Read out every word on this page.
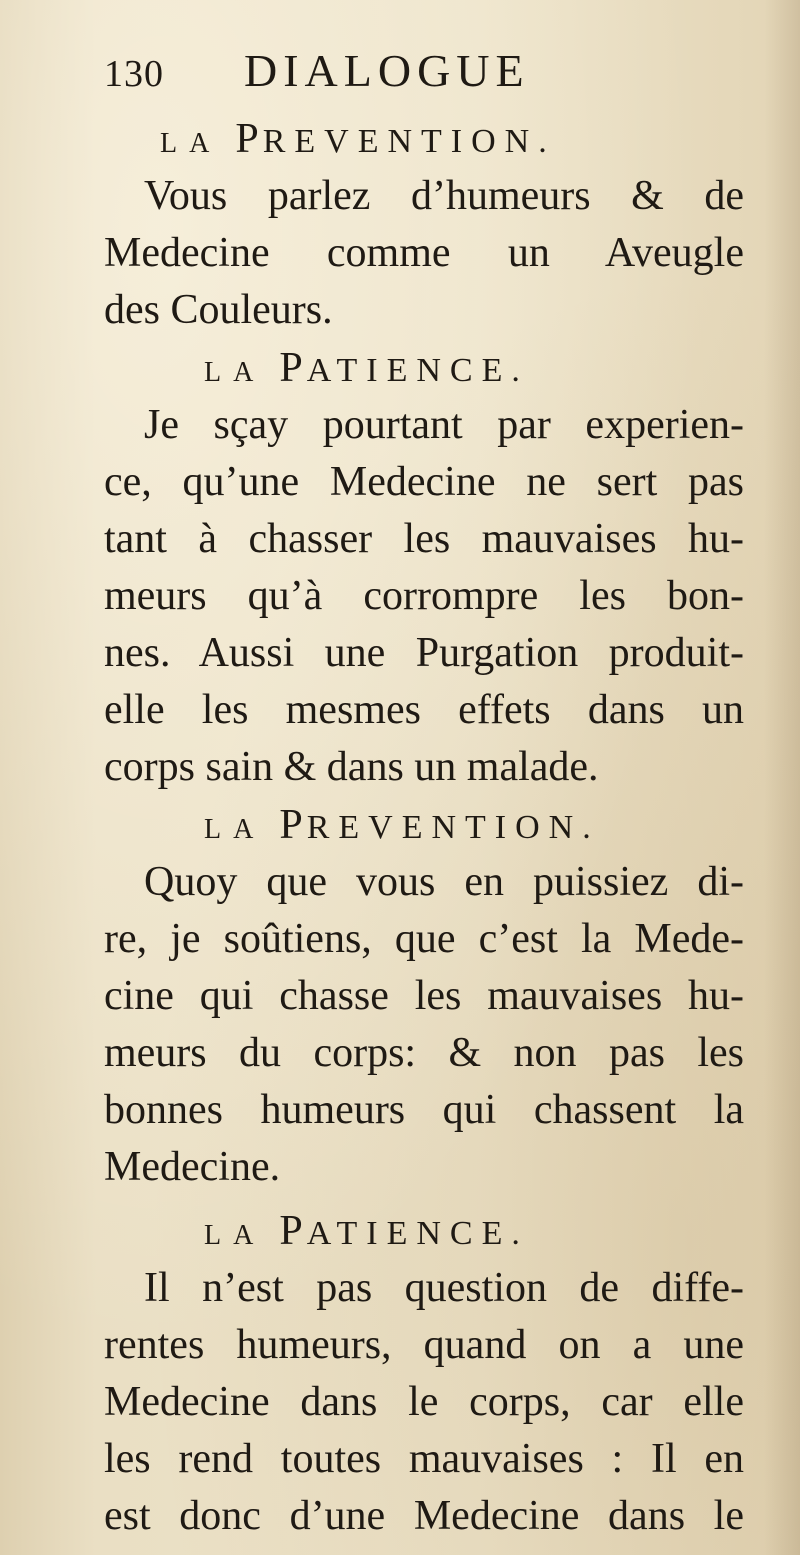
130	DIALOGUE
LA PREVENTION.
Vous parlez d’humeurs & de
Medecine comme un Aveugle
des Couleurs.
LA PATIENCE.
Je sçay pourtant par experien-
ce, qu’une Medecine ne sert pas
tant à chasser les mauvaises hu-
meurs qu’à corrompre les bon-
nes. Aussi une Purgation produit-
elle les mesmes effets dans un
corps sain & dans un malade.
LA PREVENTION.
Quoy que vous en puissiez di-
re, je soûtiens, que c’est la Mede-
cine qui chasse les mauvaises hu-
meurs du corps: & non pas les
bonnes humeurs qui chassent la
Medecine.
LA PATIENCE.
Il n’est pas question de diffe-
rentes humeurs, quand on a une
Medecine dans le corps, car elle
les rend toutes mauvaises : Il en
est donc d’une Medecine dans le
